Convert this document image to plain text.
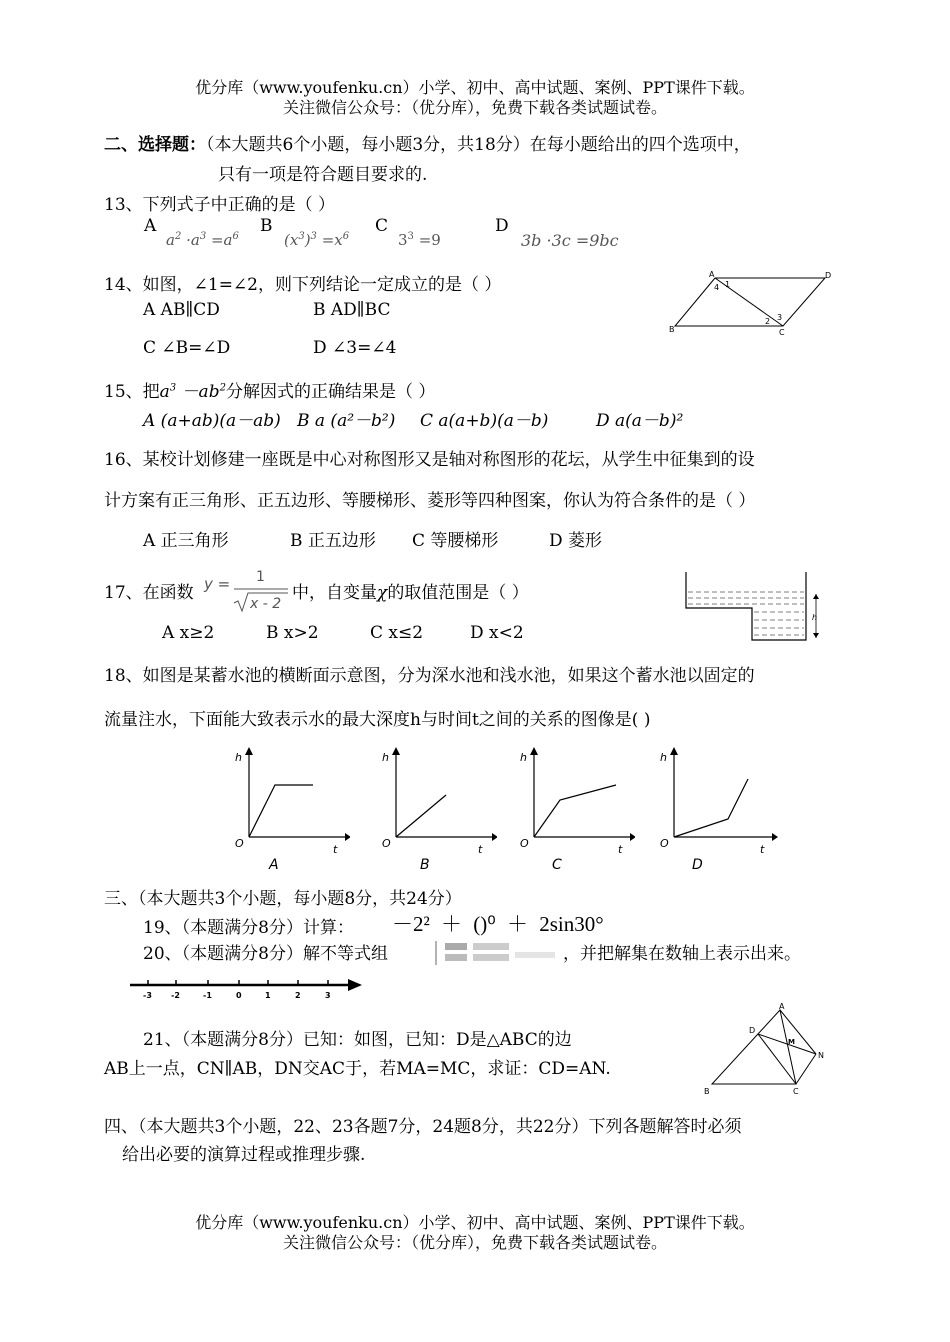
优分库（www.youfenku.cn）小学、初中、高中试题、案例、PPT课件下载。
关注微信公众号：（优分库），免费下载各类试题试卷。
二、选择题：（本大题共6个小题，每小题3分，共18分）在每小题给出的四个选项中，
只有一项是符合题目要求的.
13、下列式子中正确的是（ ）
A
$a^2 \cdot a^3 =a^6$
B
$(x^3)^3 =x^6$
C
$3^3 =9$
D
3b ·3c =9bc
14、如图，∠1=∠2，则下列结论一定成立的是（ ）
A AB∥CD	B AD∥BC
C ∠B=∠D	D ∠3=∠4
A	D
B	C
1
2 3
4
15、把$a^3 -ab^2$分解因式的正确结果是（ ）
A (a+ab)(a－ab) B a (a²－b²) C a(a+b)(a－b)	D a(a－b)²
16、某校计划修建一座既是中心对称图形又是轴对称图形的花坛，从学生中征集到的设
计方案有正三角形、正五边形、等腰梯形、菱形等四种图案，你认为符合条件的是（ ）
A 正三角形	B 正五边形 C 等腰梯形	D 菱形
17、在函数 y = 1
x - 2
中，自变量χ的取值范围是（ ）
A x≥2	B x>2	C x≤2	D x<2
h
18、如图是某蓄水池的横断面示意图，分为深水池和浅水池，如果这个蓄水池以固定的
流量注水，下面能大致表示水的最大深度h与时间t之间的关系的图像是( )
h
t
O
A
h
t
O
B
h
t
O
C
h
t
O
D
三、（本大题共3个小题，每小题8分，共24分）
19、（本题满分8分）计算： －2² ＋ ()⁰ ＋ 2sin30°
20、（本题满分8分）解不等式组	，并把解集在数轴上表示出来。
-3 -2	-1	0	1	2	3
21、（本题满分8分）已知：如图，已知：D是△ABC的边
AB上一点，CN∥AB，DN交AC于，若MA=MC，求证：CD=AN.
A
D
M
N
B	C
四、（本大题共3个小题，22、23各题7分，24题8分，共22分）下列各题解答时必须
给出必要的演算过程或推理步骤.
优分库（www.youfenku.cn）小学、初中、高中试题、案例、PPT课件下载。
关注微信公众号：（优分库），免费下载各类试题试卷。
